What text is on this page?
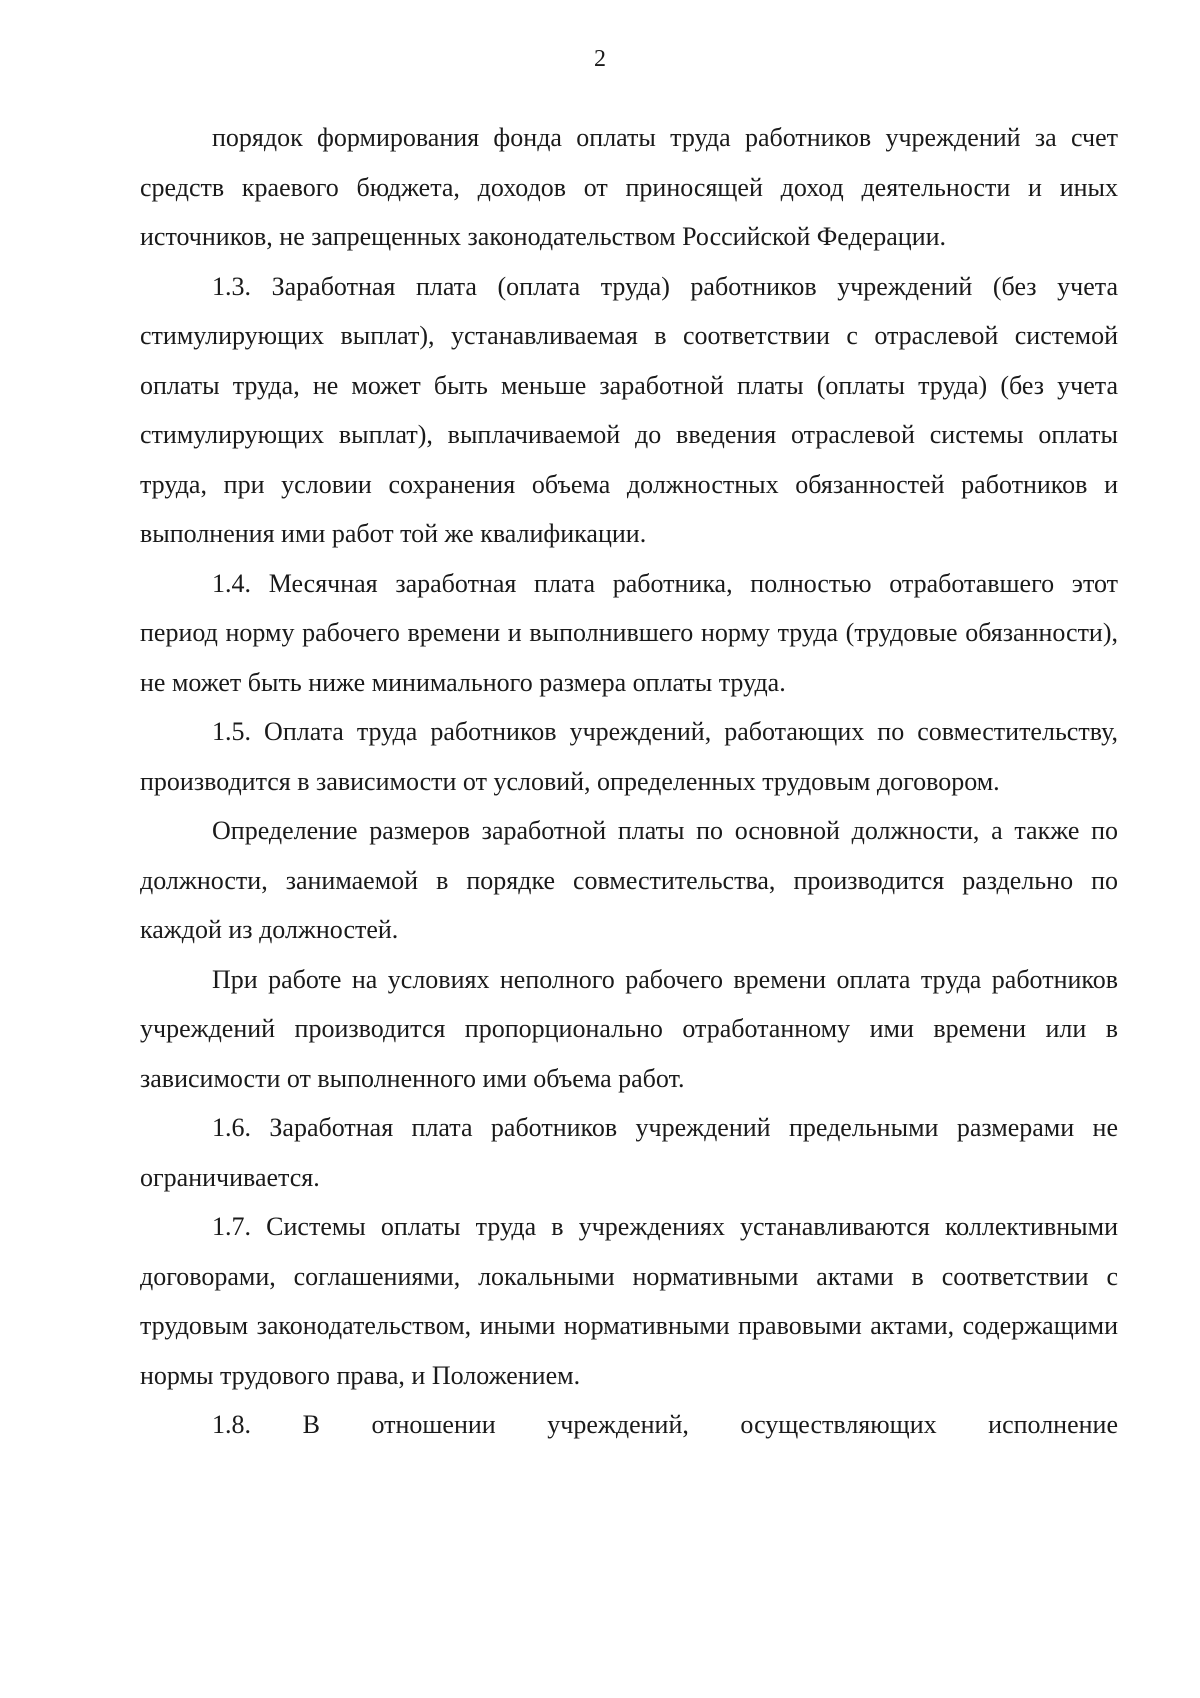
2

порядок формирования фонда оплаты труда работников учреждений за счет средств краевого бюджета, доходов от приносящей доход деятельности и иных источников, не запрещенных законодательством Российской Федерации.

1.3. Заработная плата (оплата труда) работников учреждений (без учета стимулирующих выплат), устанавливаемая в соответствии с отраслевой системой оплаты труда, не может быть меньше заработной платы (оплаты труда) (без учета стимулирующих выплат), выплачиваемой до введения отраслевой системы оплаты труда, при условии сохранения объема должностных обязанностей работников и выполнения ими работ той же квалификации.

1.4. Месячная заработная плата работника, полностью отработавшего этот период норму рабочего времени и выполнившего норму труда (трудовые обязанности), не может быть ниже минимального размера оплаты труда.

1.5. Оплата труда работников учреждений, работающих по совместительству, производится в зависимости от условий, определенных трудовым договором.

Определение размеров заработной платы по основной должности, а также по должности, занимаемой в порядке совместительства, производится раздельно по каждой из должностей.

При работе на условиях неполного рабочего времени оплата труда работников учреждений производится пропорционально отработанному ими времени или в зависимости от выполненного ими объема работ.

1.6. Заработная плата работников учреждений предельными размерами не ограничивается.

1.7. Системы оплаты труда в учреждениях устанавливаются коллективными договорами, соглашениями, локальными нормативными актами в соответствии с трудовым законодательством, иными нормативными правовыми актами, содержащими нормы трудового права, и Положением.

1.8. В отношении учреждений, осуществляющих исполнение
